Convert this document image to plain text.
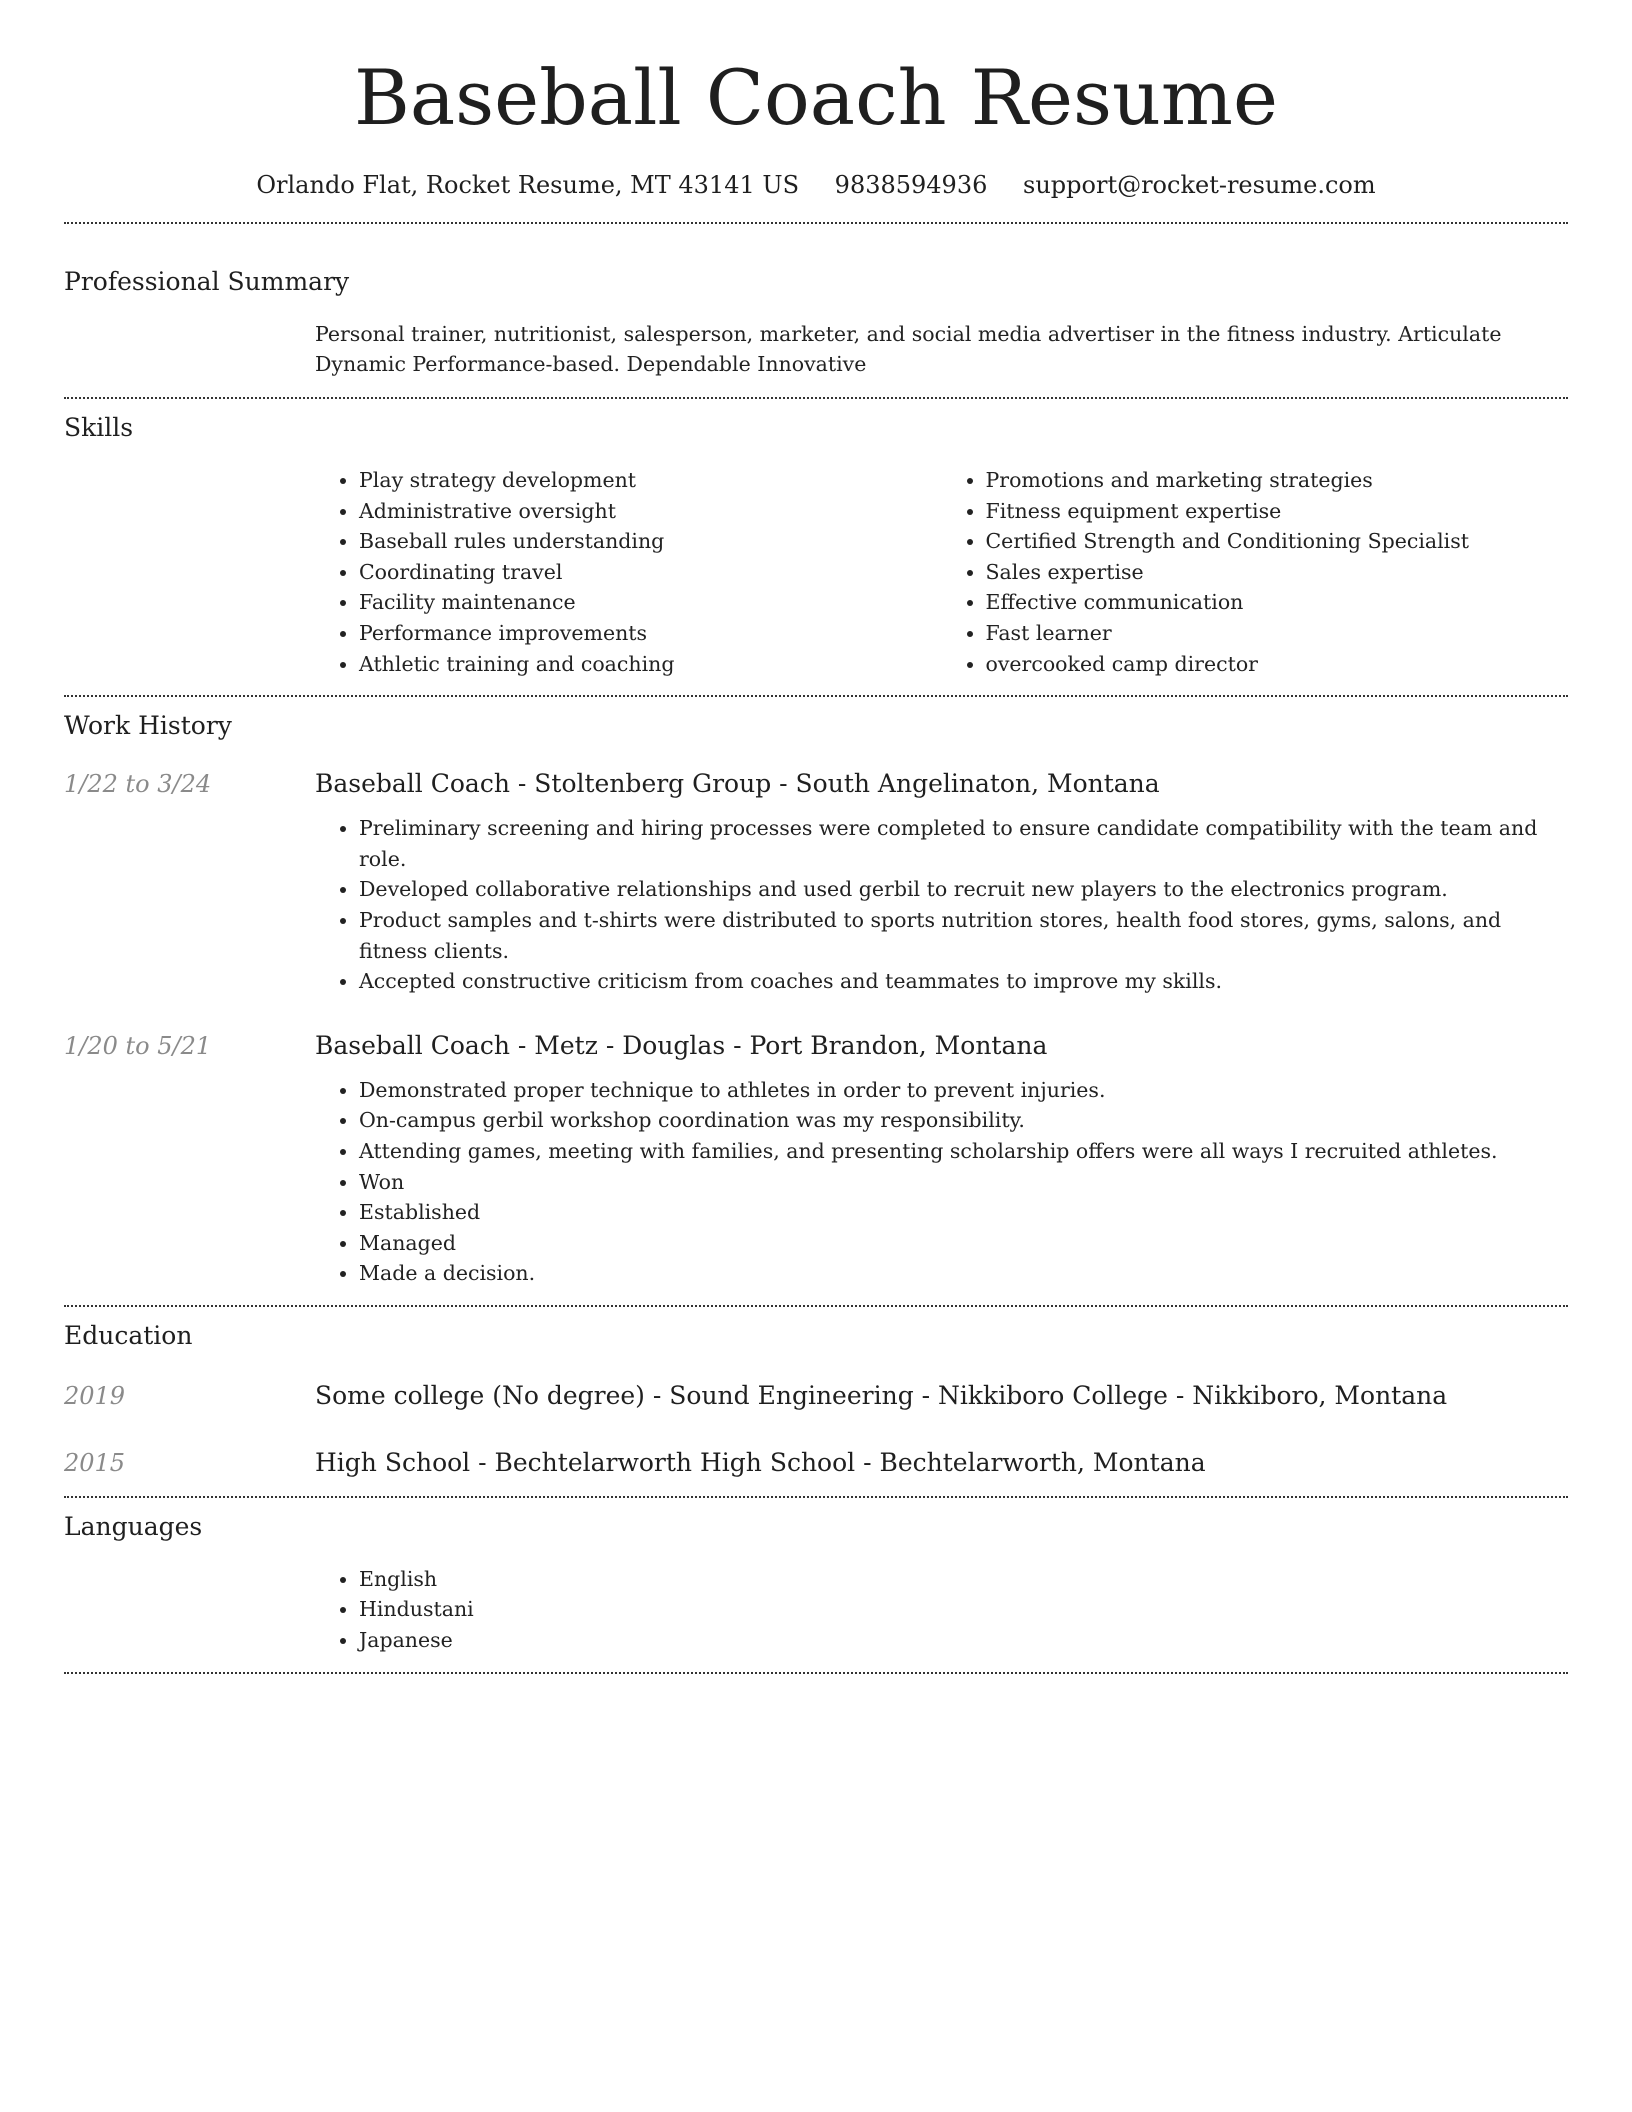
Baseball Coach Resume
Orlando Flat, Rocket Resume, MT 43141 US 9838594936 support@rocket-resume.com
Professional Summary
Personal trainer, nutritionist, salesperson, marketer, and social media advertiser in the fitness industry. Articulate Dynamic Performance-based. Dependable Innovative
Skills
• Play strategy development
• Administrative oversight
• Baseball rules understanding
• Coordinating travel
• Facility maintenance
• Performance improvements
• Athletic training and coaching
• Promotions and marketing strategies
• Fitness equipment expertise
• Certified Strength and Conditioning Specialist
• Sales expertise
• Effective communication
• Fast learner
• overcooked camp director
Work History
1/22 to 3/24	Baseball Coach - Stoltenberg Group - South Angelinaton, Montana
• Preliminary screening and hiring processes were completed to ensure candidate compatibility with the team and role.
• Developed collaborative relationships and used gerbil to recruit new players to the electronics program.
• Product samples and t-shirts were distributed to sports nutrition stores, health food stores, gyms, salons, and fitness clients.
• Accepted constructive criticism from coaches and teammates to improve my skills.
1/20 to 5/21	Baseball Coach - Metz - Douglas - Port Brandon, Montana
• Demonstrated proper technique to athletes in order to prevent injuries.
• On-campus gerbil workshop coordination was my responsibility.
• Attending games, meeting with families, and presenting scholarship offers were all ways I recruited athletes.
• Won
• Established
• Managed
• Made a decision.
Education
2019	Some college (No degree) - Sound Engineering - Nikkiboro College - Nikkiboro, Montana
2015	High School - Bechtelarworth High School - Bechtelarworth, Montana
Languages
• English
• Hindustani
• Japanese
